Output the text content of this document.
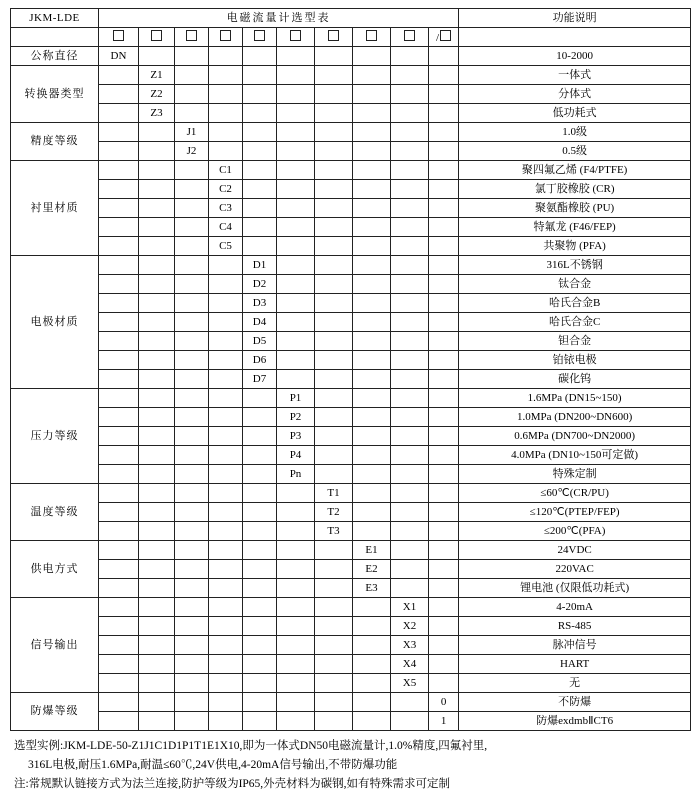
JKM-LDE	电磁流量计选型表										功能说明
										/	
公称直径	DN										10-2000
转换器类型		Z1									一体式
		Z2									分体式
		Z3									低功耗式
精度等级			J1								1.0级
			J2								0.5级
衬里材质				C1							聚四氟乙烯 (F4/PTFE)
				C2							氯丁胶橡胶 (CR)
				C3							聚氨酯橡胶 (PU)
				C4							特氟龙 (F46/FEP)
				C5							共聚物 (PFA)
电极材质					D1						316L不锈钢
					D2						钛合金
					D3						哈氏合金B
					D4						哈氏合金C
					D5						钽合金
					D6						铂铱电极
					D7						碳化钨
压力等级						P1					1.6MPa (DN15~150)
						P2					1.0MPa (DN200~DN600)
						P3					0.6MPa (DN700~DN2000)
						P4					4.0MPa (DN10~150可定做)
						Pn					特殊定制
温度等级							T1				≤60℃(CR/PU)
							T2				≤120℃(PTEP/FEP)
							T3				≤200℃(PFA)
供电方式								E1			24VDC
								E2			220VAC
								E3			锂电池 (仅限低功耗式)
信号输出									X1		4-20mA
									X2		RS-485
									X3		脉冲信号
									X4		HART
									X5		无
防爆等级										0	不防爆
										1	防爆exdmbⅡCT6
选型实例:JKM-LDE-50-Z1J1C1D1P1T1E1X10,即为一体式DN50电磁流量计,1.0%精度,四氟衬里,
316L电极,耐压1.6MPa,耐温≤60℃,24V供电,4-20mA信号输出,不带防爆功能
注:常规默认链接方式为法兰连接,防护等级为IP65,外壳材料为碳钢,如有特殊需求可定制
